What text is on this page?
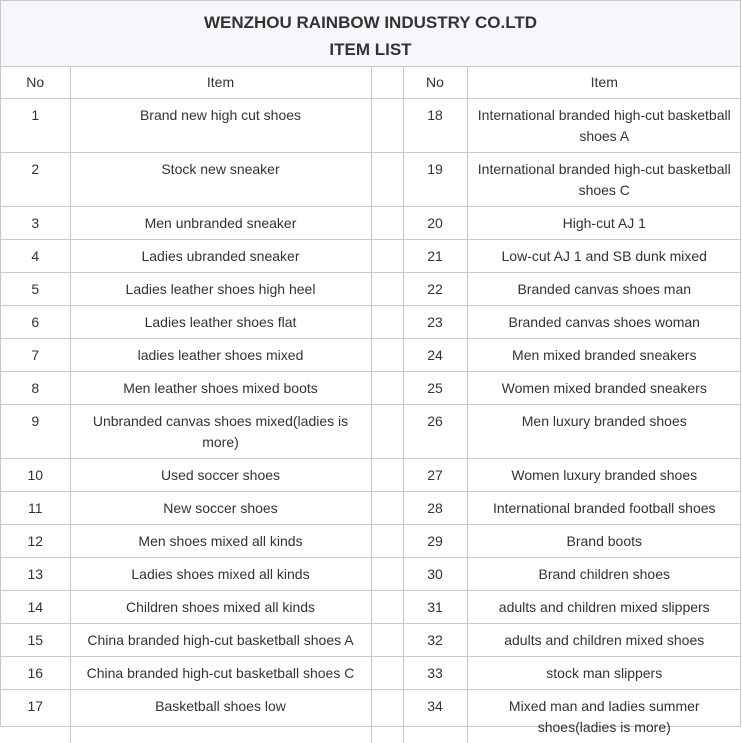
WENZHOU RAINBOW INDUSTRY CO.LTD
ITEM LIST
No	Item		No	Item
1	Brand new high cut shoes		18	International branded high-cut basketball shoes A
2	Stock new sneaker		19	International branded high-cut basketball shoes C
3	Men unbranded sneaker		20	High-cut AJ 1
4	Ladies ubranded sneaker		21	Low-cut AJ 1 and SB dunk mixed
5	Ladies leather shoes high heel		22	Branded canvas shoes man
6	Ladies leather shoes flat		23	Branded canvas shoes woman
7	ladies leather shoes mixed		24	Men mixed branded sneakers
8	Men leather shoes mixed boots		25	Women mixed branded sneakers
9	Unbranded canvas shoes mixed(ladies is more)		26	Men luxury branded shoes
10	Used soccer shoes		27	Women luxury branded shoes
11	New soccer shoes		28	International branded football shoes
12	Men shoes mixed all kinds		29	Brand boots
13	Ladies shoes mixed all kinds		30	Brand children shoes
14	Children shoes mixed all kinds		31	adults and children mixed slippers
15	China branded high-cut basketball shoes A		32	adults and children mixed shoes
16	China branded high-cut basketball shoes C		33	stock man slippers
17	Basketball shoes low		34	Mixed man and ladies summer shoes(ladies is more)
